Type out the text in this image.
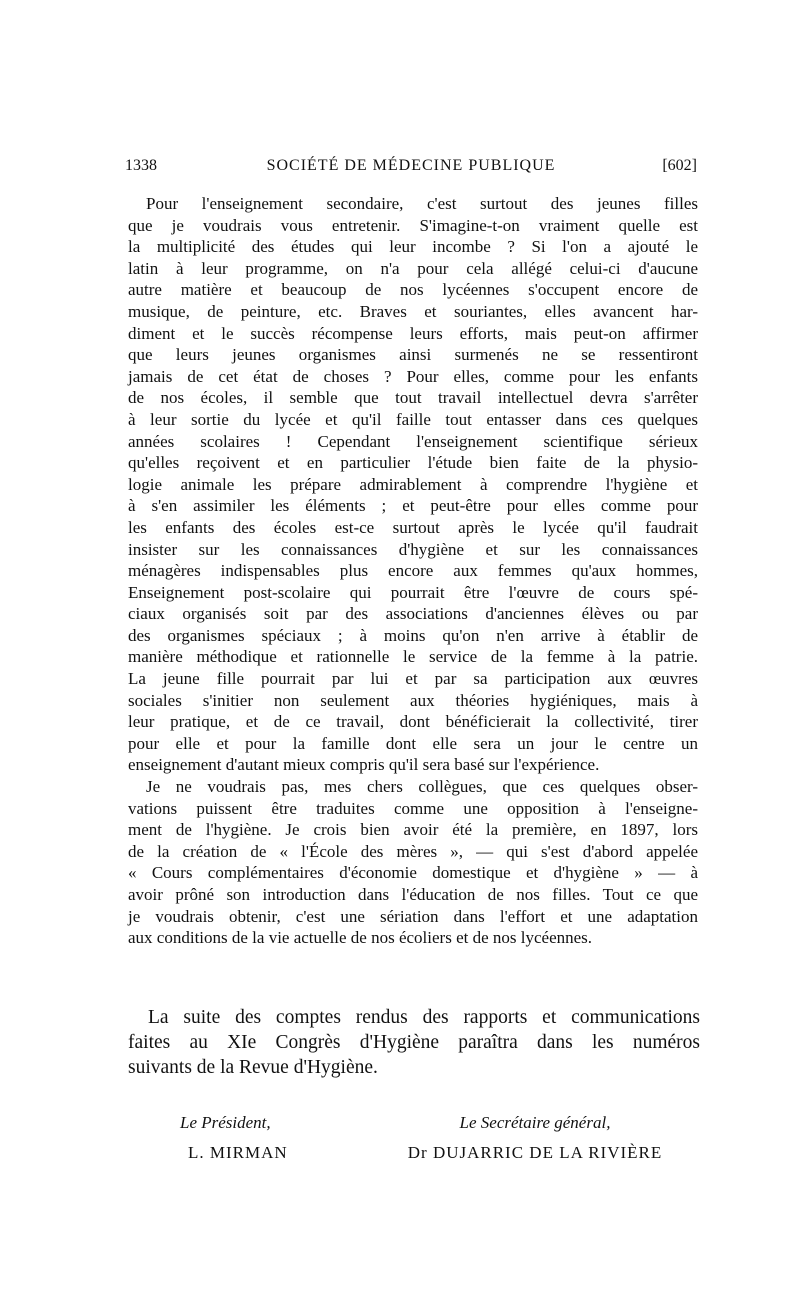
1338	SOCIÉTÉ DE MÉDECINE PUBLIQUE	[602]
Pour l'enseignement secondaire, c'est surtout des jeunes filles
que je voudrais vous entretenir. S'imagine-t-on vraiment quelle est
la multiplicité des études qui leur incombe ? Si l'on a ajouté le
latin à leur programme, on n'a pour cela allégé celui-ci d'aucune
autre matière et beaucoup de nos lycéennes s'occupent encore de
musique, de peinture, etc. Braves et souriantes, elles avancent har-
diment et le succès récompense leurs efforts, mais peut-on affirmer
que leurs jeunes organismes ainsi surmenés ne se ressentiront
jamais de cet état de choses ? Pour elles, comme pour les enfants
de nos écoles, il semble que tout travail intellectuel devra s'arrêter
à leur sortie du lycée et qu'il faille tout entasser dans ces quelques
années scolaires ! Cependant l'enseignement scientifique sérieux
qu'elles reçoivent et en particulier l'étude bien faite de la physio-
logie animale les prépare admirablement à comprendre l'hygiène et
à s'en assimiler les éléments ; et peut-être pour elles comme pour
les enfants des écoles est-ce surtout après le lycée qu'il faudrait
insister sur les connaissances d'hygiène et sur les connaissances
ménagères indispensables plus encore aux femmes qu'aux hommes,
Enseignement post-scolaire qui pourrait être l'œuvre de cours spé-
ciaux organisés soit par des associations d'anciennes élèves ou par
des organismes spéciaux ; à moins qu'on n'en arrive à établir de
manière méthodique et rationnelle le service de la femme à la patrie.
La jeune fille pourrait par lui et par sa participation aux œuvres
sociales s'initier non seulement aux théories hygiéniques, mais à
leur pratique, et de ce travail, dont bénéficierait la collectivité, tirer
pour elle et pour la famille dont elle sera un jour le centre un
enseignement d'autant mieux compris qu'il sera basé sur l'expérience.
Je ne voudrais pas, mes chers collègues, que ces quelques obser-
vations puissent être traduites comme une opposition à l'enseigne-
ment de l'hygiène. Je crois bien avoir été la première, en 1897, lors
de la création de « l'École des mères », — qui s'est d'abord appelée
« Cours complémentaires d'économie domestique et d'hygiène » — à
avoir prôné son introduction dans l'éducation de nos filles. Tout ce que
je voudrais obtenir, c'est une sériation dans l'effort et une adaptation
aux conditions de la vie actuelle de nos écoliers et de nos lycéennes.
La suite des comptes rendus des rapports et communications
faites au XIe Congrès d'Hygiène paraîtra dans les numéros
suivants de la Revue d'Hygiène.
Le Président,
L. MIRMAN
Le Secrétaire général,
Dr DUJARRIC DE LA RIVIÈRE
